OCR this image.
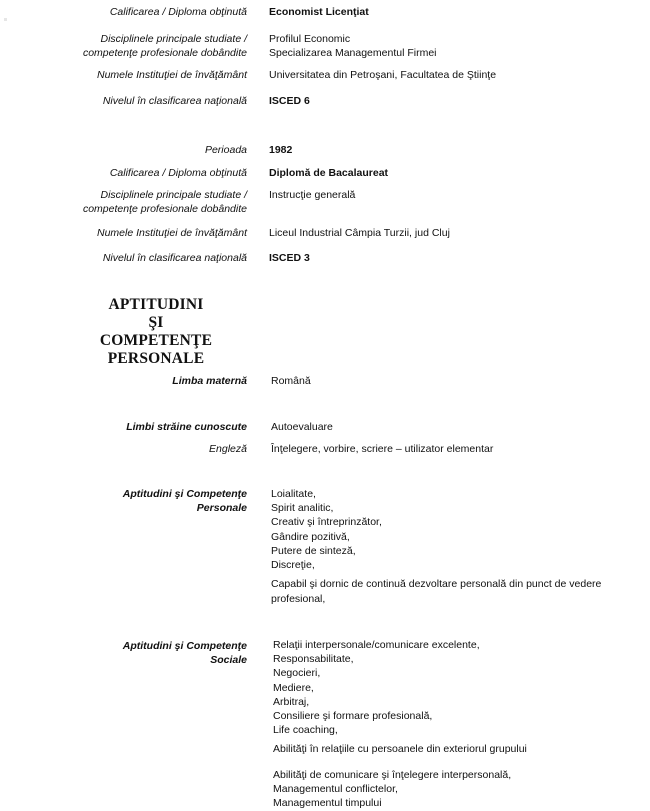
Calificarea / Diploma obţinută Economist Licenţiat
Disciplinele principale studiate /
competenţe profesionale dobândite
Profilul Economic
Specializarea Managementul Firmei
Numele Instituţiei de învăţământ Universitatea din Petroşani, Facultatea de Ştiinţe
Nivelul în clasificarea naţională ISCED 6
Perioada 1982
Calificarea / Diploma obţinută Diplomă de Bacalaureat
Disciplinele principale studiate /
competenţe profesionale dobândite
Instrucţie generală
Numele Instituţiei de învăţământ Liceul Industrial Câmpia Turzii, jud Cluj
Nivelul în clasificarea naţională ISCED 3
APTITUDINI
ŞI
COMPETENŢE
PERSONALE
Limba maternă Română
Limbi străine cunoscute Autoevaluare
Engleză Înţelegere, vorbire, scriere – utilizator elementar
Aptitudini şi Competenţe
Personale
Loialitate,
Spirit analitic,
Creativ şi întreprinzător,
Gândire pozitivă,
Putere de sinteză,
Discreţie,
Capabil şi dornic de continuă dezvoltare personală din punct de vedere
profesional,
Aptitudini şi Competenţe
Sociale
Relaţii interpersonale/comunicare excelente,
Responsabilitate,
Negocieri,
Mediere,
Arbitraj,
Consiliere şi formare profesională,
Life coaching,
Abilităţi în relaţiile cu persoanele din exteriorul grupului
Abilităţi de comunicare şi înţelegere interpersonală,
Managementul conflictelor,
Managementul timpului
